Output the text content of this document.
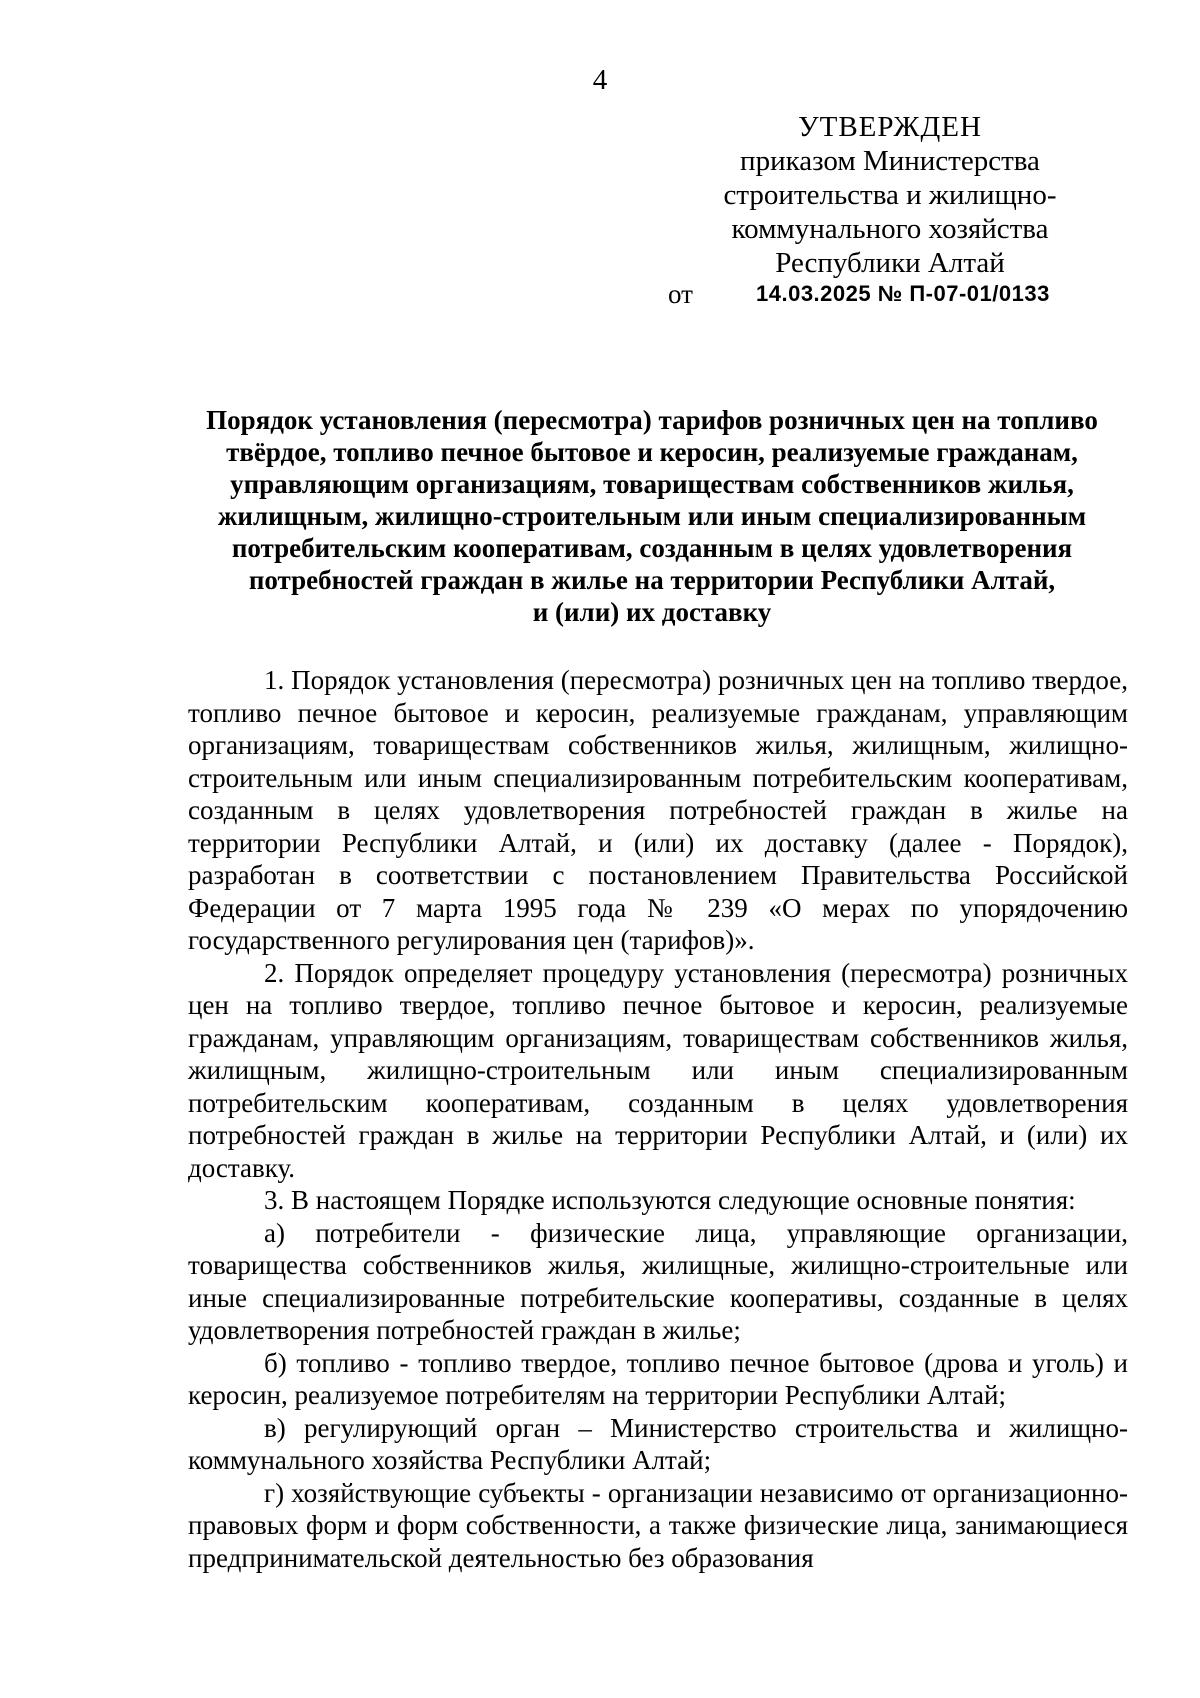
4
УТВЕРЖДЕН
приказом Министерства
строительства и жилищно-
коммунального хозяйства
Республики Алтай
от	14.03.2025 № П-07-01/0133
Порядок установления (пересмотра) тарифов розничных цен на топливо
твёрдое, топливо печное бытовое и керосин, реализуемые гражданам,
управляющим организациям, товариществам собственников жилья,
жилищным, жилищно-строительным или иным специализированным
потребительским кооперативам, созданным в целях удовлетворения
потребностей граждан в жилье на территории Республики Алтай,
и (или) их доставку

1. Порядок установления (пересмотра) розничных цен на топливо твердое, топливо печное бытовое и керосин, реализуемые гражданам, управляющим организациям, товариществам собственников жилья, жилищным, жилищно-строительным или иным специализированным потребительским кооперативам, созданным в целях удовлетворения потребностей граждан в жилье на территории Республики Алтай, и (или) их доставку (далее - Порядок), разработан в соответствии с постановлением Правительства Российской Федерации от 7 марта 1995 года № 239 «О мерах по упорядочению государственного регулирования цен (тарифов)».

2. Порядок определяет процедуру установления (пересмотра) розничных цен на топливо твердое, топливо печное бытовое и керосин, реализуемые гражданам, управляющим организациям, товариществам собственников жилья, жилищным, жилищно-строительным или иным специализированным потребительским кооперативам, созданным в целях удовлетворения потребностей граждан в жилье на территории Республики Алтай, и (или) их доставку.

3. В настоящем Порядке используются следующие основные понятия:

а) потребители - физические лица, управляющие организации, товарищества собственников жилья, жилищные, жилищно-строительные или иные специализированные потребительские кооперативы, созданные в целях удовлетворения потребностей граждан в жилье;

б) топливо - топливо твердое, топливо печное бытовое (дрова и уголь) и керосин, реализуемое потребителям на территории Республики Алтай;

в) регулирующий орган – Министерство строительства и жилищно-коммунального хозяйства Республики Алтай;

г) хозяйствующие субъекты - организации независимо от организационно-правовых форм и форм собственности, а также физические лица, занимающиеся предпринимательской деятельностью без образования
